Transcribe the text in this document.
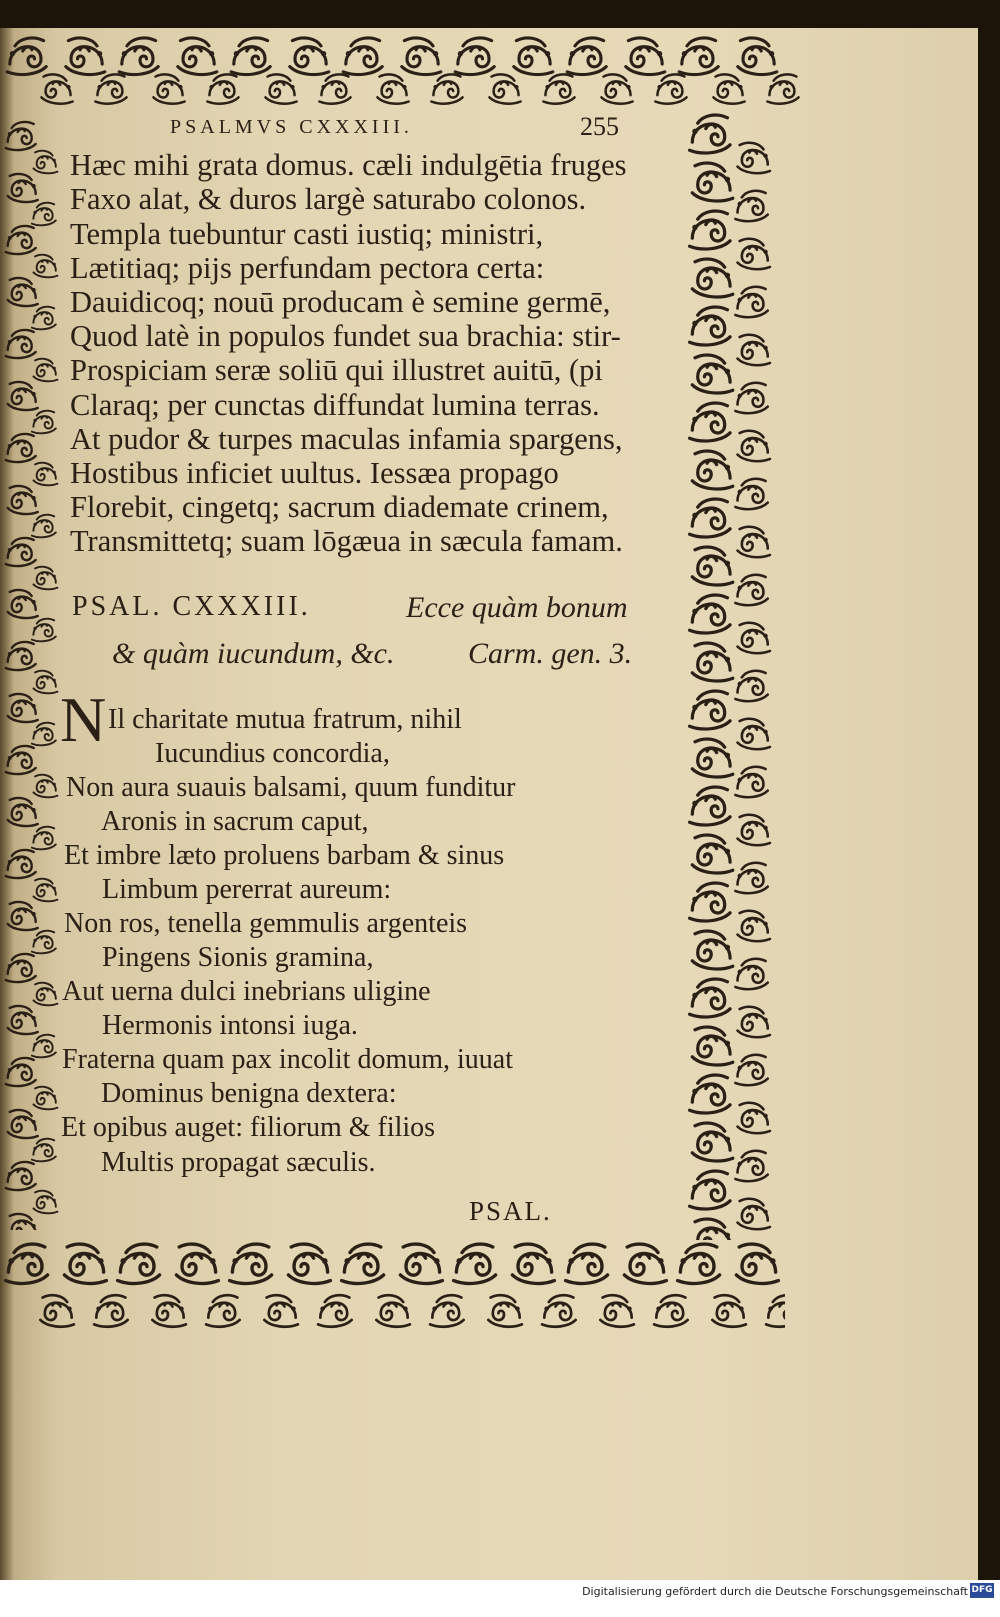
PSALMVS CXXXIII.	255
Hæc mihi grata domus. cæli indulgētia fruges
Faxo alat, & duros largè saturabo colonos.
Templa tuebuntur casti iustiq; ministri,
Lætitiaq; pijs perfundam pectora certa:
Dauidicoq; nouū producam è semine germē,
Quod latè in populos fundet sua brachia: stir-
Prospiciam seræ soliū qui illustret auitū, (pi
Claraq; per cunctas diffundat lumina terras.
At pudor & turpes maculas infamia spargens,
Hostibus inficiet uultus. Iessæa propago
Florebit, cingetq; sacrum diademate crinem,
Transmittetq; suam lōgæua in sæcula famam.
PSAL. CXXXIII.	Ecce quàm bonum
& quàm iucundum, &c. Carm. gen. 3.
N Il charitate mutua fratrum, nihil
Iucundius concordia,
Non aura suauis balsami, quum funditur
Aronis in sacrum caput,
Et imbre læto proluens barbam & sinus
Limbum pererrat aureum:
Non ros, tenella gemmulis argenteis
Pingens Sionis gramina,
Aut uerna dulci inebrians uligine
Hermonis intonsi iuga.
Fraterna quam pax incolit domum, iuuat
Dominus benigna dextera:
Et opibus auget: filiorum & filios
Multis propagat sæculis.
PSAL.
Digitalisierung gefördert durch die Deutsche Forschungsgemeinschaft DFG
